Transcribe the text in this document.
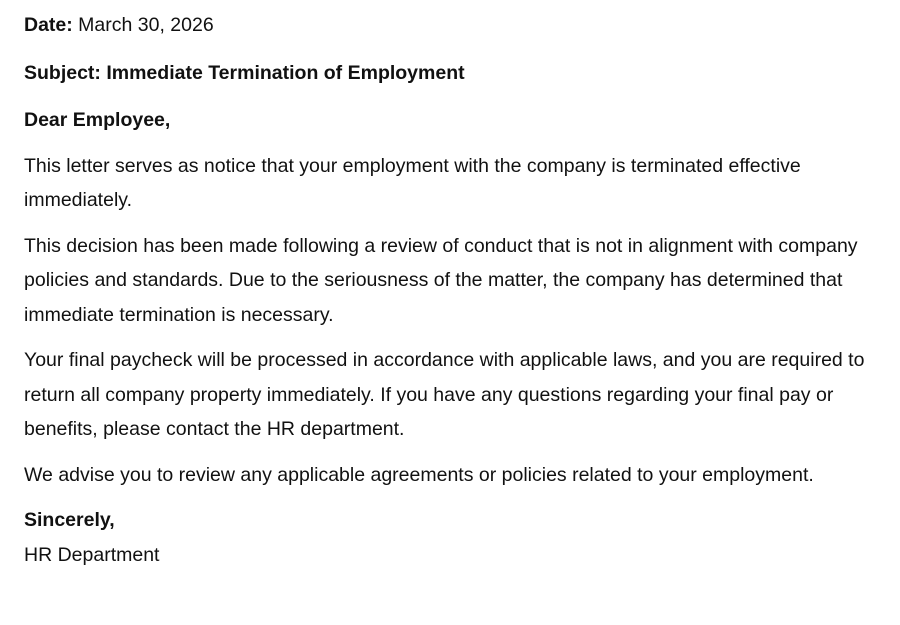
Date: March 30, 2026

Subject: Immediate Termination of Employment

Dear Employee,

This letter serves as notice that your employment with the company is terminated effective immediately.

This decision has been made following a review of conduct that is not in alignment with company policies and standards. Due to the seriousness of the matter, the company has determined that immediate termination is necessary.

Your final paycheck will be processed in accordance with applicable laws, and you are required to return all company property immediately. If you have any questions regarding your final pay or benefits, please contact the HR department.

We advise you to review any applicable agreements or policies related to your employment.

Sincerely,

HR Department
